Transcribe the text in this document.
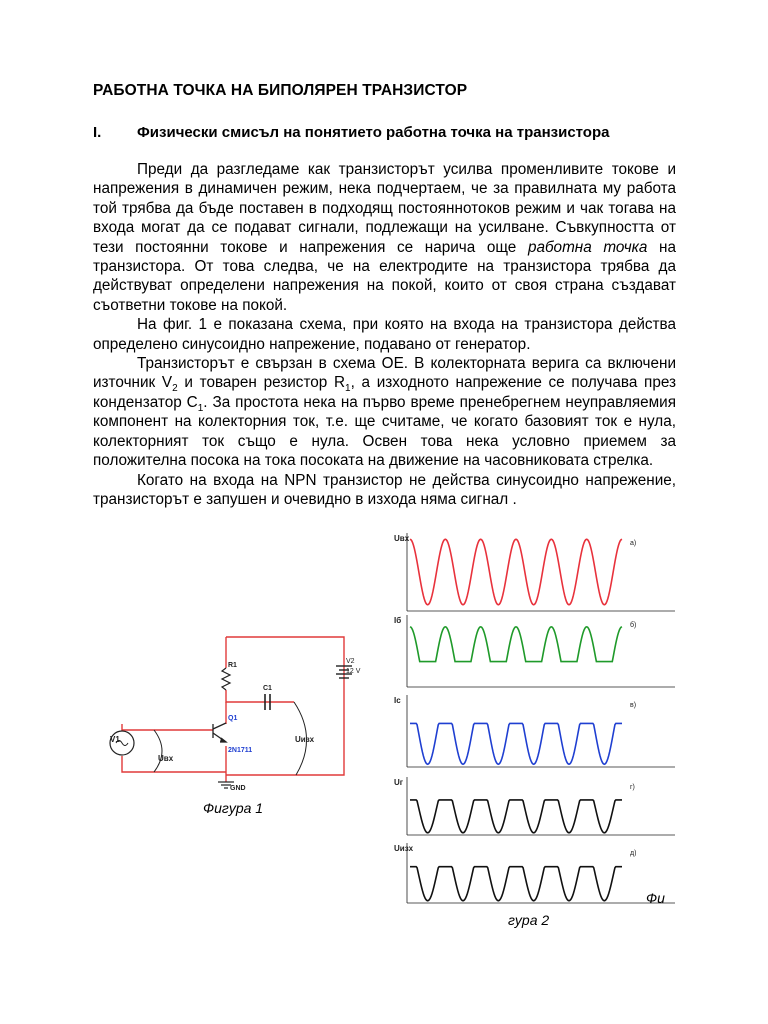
РАБОТНА ТОЧКА НА БИПОЛЯРЕН ТРАНЗИСТОР
I. Физически смисъл на понятието работна точка на транзистора

Преди да разгледаме как транзисторът усилва променливите токове и напрежения в динамичен режим, нека подчертаем, че за правилната му работа той трябва да бъде поставен в подходящ постояннотоков режим и чак тогава на входа могат да се подават сигнали, подлежащи на усилване. Съвкупността от тези постоянни токове и напрежения се нарича още работна точка на транзистора. От това следва, че на електродите на транзистора трябва да действуват определени напрежения на покой, които от своя страна създават съответни токове на покой.

На фиг. 1 е показана схема, при която на входа на транзистора действа определено синусоидно напрежение, подавано от генератор.

Транзисторът е свързан в схема ОЕ. В колекторната верига са включени източник $V_2$ и товарен резистор $R_1$, а изходното напрежение се получава през кондензатор $C_1$. За простота нека на първо време пренебрегнем неуправляемия компонент на колекторния ток, т.е. ще считаме, че когато базовият ток е нула, колекторният ток също е нула. Освен това нека условно приемем за положителна посока на тока посоката на движение на часовниковата стрелка.

Когато на входа на NPN транзистор не действа синусоидно напрежение, транзисторът е запушен и очевидно в изхода няма сигнал .

V1
V2
12 V
R1
C1
Q1
2N1711
GND
Uвх
Uизх
Фигура 1
Uвх
а)
Iб
б)
Iс
в)
Uг
г)
Uизх
д)
Фи
гура 2
